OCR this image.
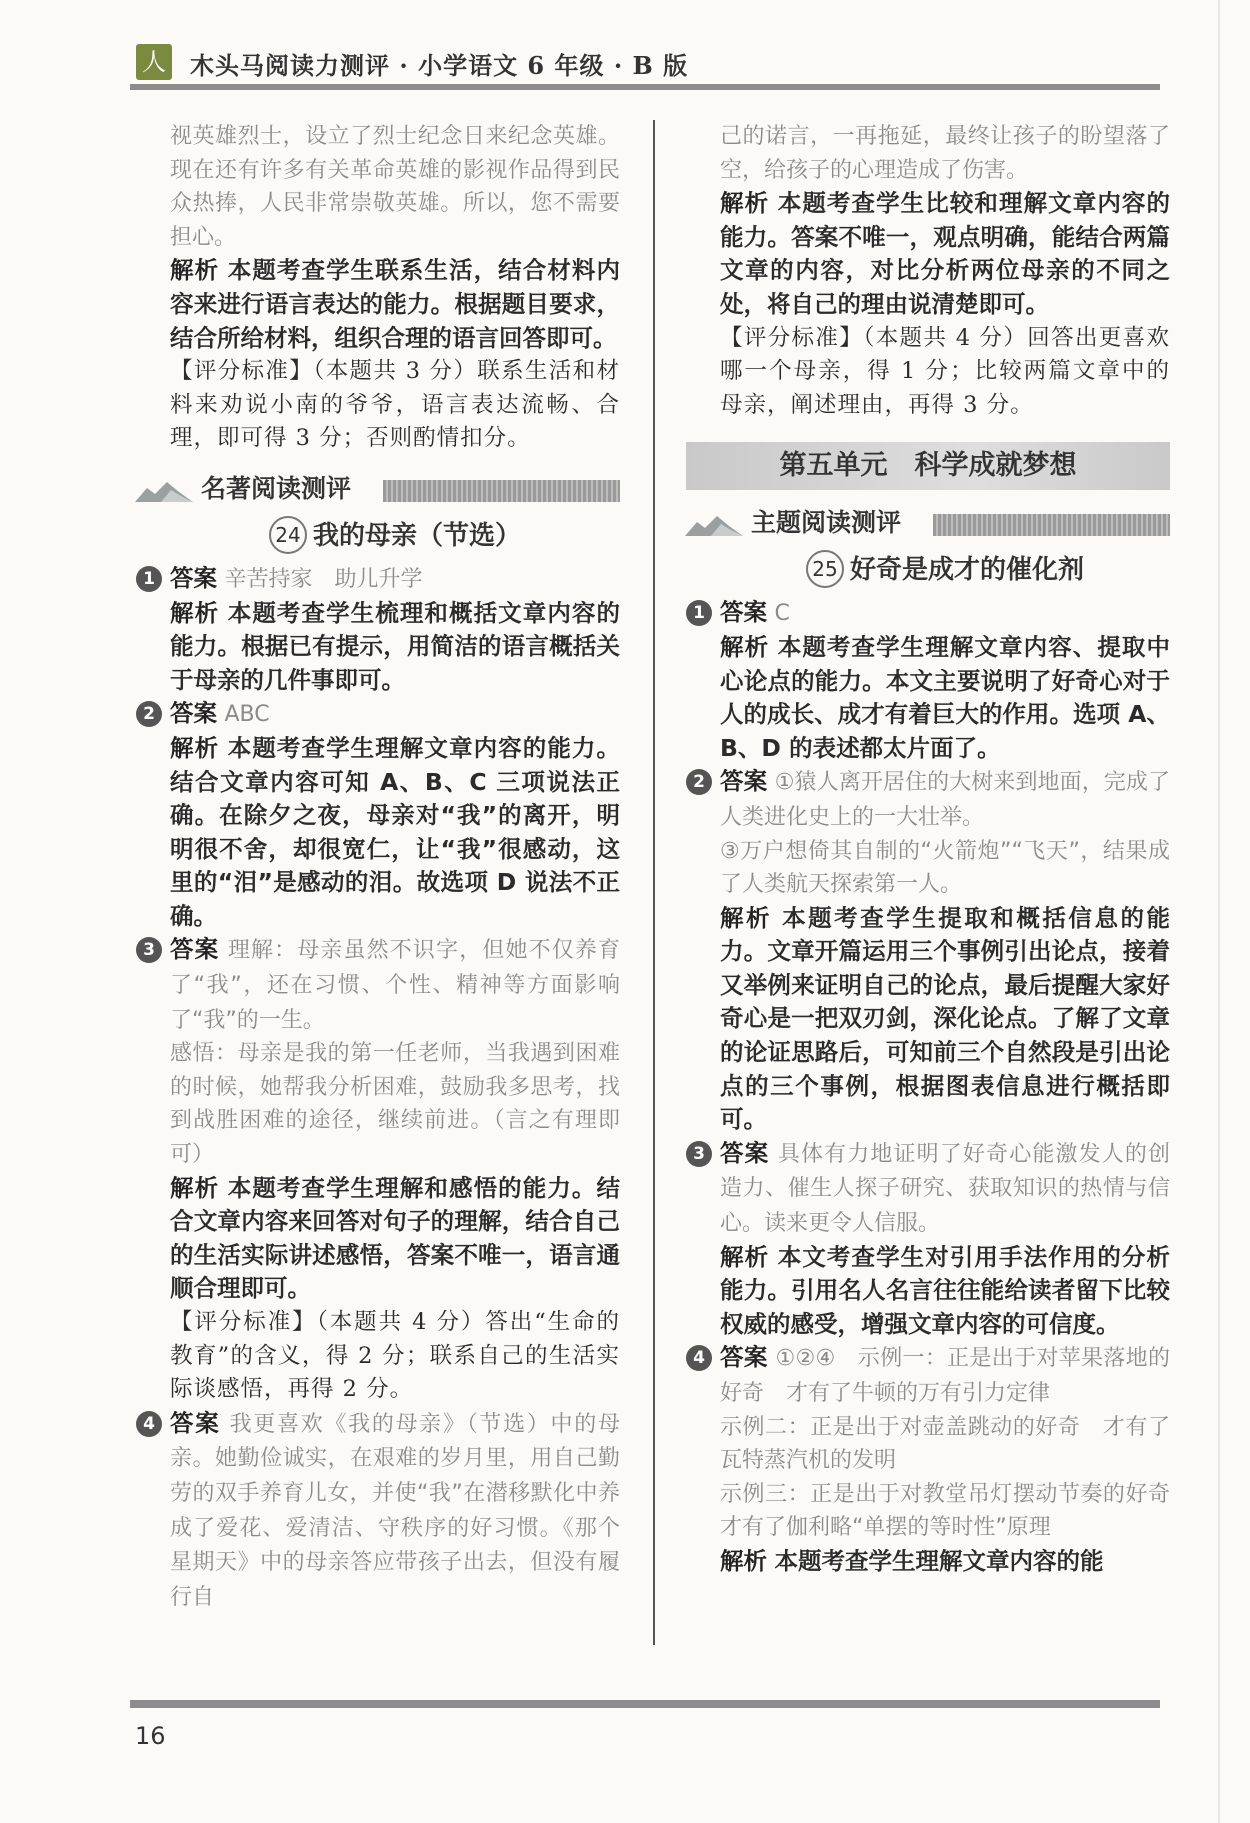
人 木头马阅读力测评 · 小学语文 6 年级 · B 版

视英雄烈士，设立了烈士纪念日来纪念英雄。现在还有许多有关革命英雄的影视作品得到民众热捧，人民非常崇敬英雄。所以，您不需要担心。

解析 本题考查学生联系生活，结合材料内容来进行语言表达的能力。根据题目要求，结合所给材料，组织合理的语言回答即可。

【评分标准】（本题共 3 分）联系生活和材料来劝说小南的爷爷，语言表达流畅、合理，即可得 3 分；否则酌情扣分。

名著阅读测评
24 我的母亲（节选）
1 答案 辛苦持家　助儿升学

解析 本题考查学生梳理和概括文章内容的能力。根据已有提示，用简洁的语言概括关于母亲的几件事即可。

2 答案 ABC

解析 本题考查学生理解文章内容的能力。结合文章内容可知 A、B、C 三项说法正确。在除夕之夜，母亲对“我”的离开，明明很不舍，却很宽仁，让“我”很感动，这里的“泪”是感动的泪。故选项 D 说法不正确。

3 答案 理解：母亲虽然不识字，但她不仅养育了“我”，还在习惯、个性、精神等方面影响了“我”的一生。

感悟：母亲是我的第一任老师，当我遇到困难的时候，她帮我分析困难，鼓励我多思考，找到战胜困难的途径，继续前进。（言之有理即可）

解析 本题考查学生理解和感悟的能力。结合文章内容来回答对句子的理解，结合自己的生活实际讲述感悟，答案不唯一，语言通顺合理即可。

【评分标准】（本题共 4 分）答出“生命的教育”的含义，得 2 分；联系自己的生活实际谈感悟，再得 2 分。

4 答案 我更喜欢《我的母亲》（节选）中的母亲。她勤俭诚实，在艰难的岁月里，用自己勤劳的双手养育儿女，并使“我”在潜移默化中养成了爱花、爱清洁、守秩序的好习惯。《那个星期天》中的母亲答应带孩子出去，但没有履行自

己的诺言，一再拖延，最终让孩子的盼望落了空，给孩子的心理造成了伤害。

解析 本题考查学生比较和理解文章内容的能力。答案不唯一，观点明确，能结合两篇文章的内容，对比分析两位母亲的不同之处，将自己的理由说清楚即可。

【评分标准】（本题共 4 分）回答出更喜欢哪一个母亲，得 1 分；比较两篇文章中的母亲，阐述理由，再得 3 分。

第五单元　科学成就梦想
主题阅读测评
25 好奇是成才的催化剂
1 答案 C

解析 本题考查学生理解文章内容、提取中心论点的能力。本文主要说明了好奇心对于人的成长、成才有着巨大的作用。选项 A、B、D 的表述都太片面了。

2 答案 ①猿人离开居住的大树来到地面，完成了人类进化史上的一大壮举。

③万户想倚其自制的“火箭炮”“飞天”，结果成了人类航天探索第一人。

解析 本题考查学生提取和概括信息的能力。文章开篇运用三个事例引出论点，接着又举例来证明自己的论点，最后提醒大家好奇心是一把双刃剑，深化论点。了解了文章的论证思路后，可知前三个自然段是引出论点的三个事例，根据图表信息进行概括即可。

3 答案 具体有力地证明了好奇心能激发人的创造力、催生人探子研究、获取知识的热情与信心。读来更令人信服。

解析 本文考查学生对引用手法作用的分析能力。引用名人名言往往能给读者留下比较权威的感受，增强文章内容的可信度。

4 答案 ①②④　示例一：正是出于对苹果落地的好奇　才有了牛顿的万有引力定律

示例二：正是出于对壶盖跳动的好奇　才有了瓦特蒸汽机的发明

示例三：正是出于对教堂吊灯摆动节奏的好奇　才有了伽利略“单摆的等时性”原理

解析 本题考查学生理解文章内容的能

16
